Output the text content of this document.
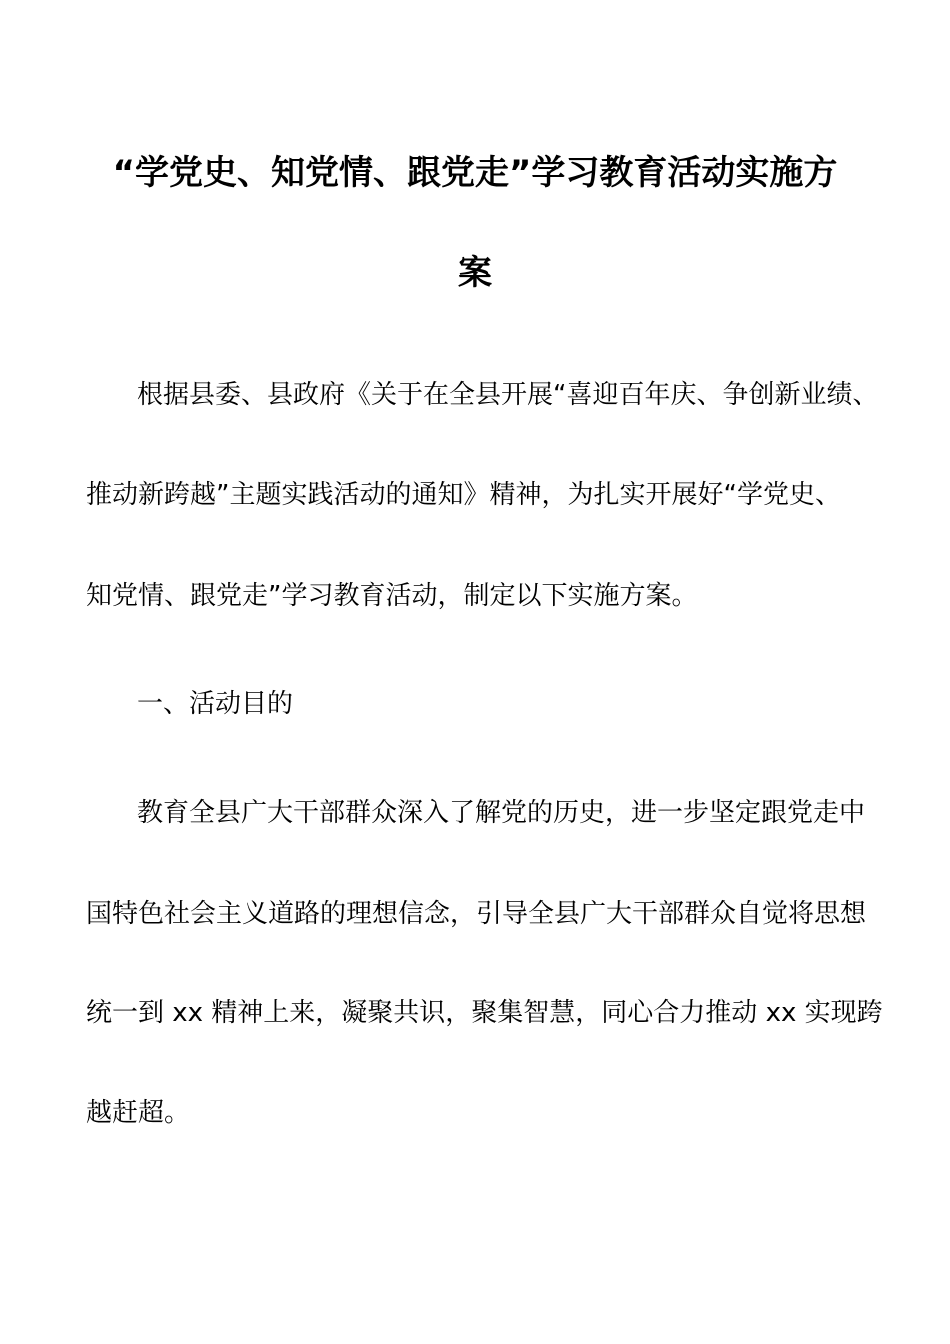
“学党史、知党情、跟党走”学习教育活动实施方
案
根据县委、县政府《关于在全县开展“喜迎百年庆、争创新业绩、
推动新跨越”主题实践活动的通知》精神，为扎实开展好“学党史、
知党情、跟党走”学习教育活动，制定以下实施方案。
一、活动目的
教育全县广大干部群众深入了解党的历史，进一步坚定跟党走中
国特色社会主义道路的理想信念，引导全县广大干部群众自觉将思想
统一到 xx 精神上来，凝聚共识，聚集智慧，同心合力推动 xx 实现跨
越赶超。
